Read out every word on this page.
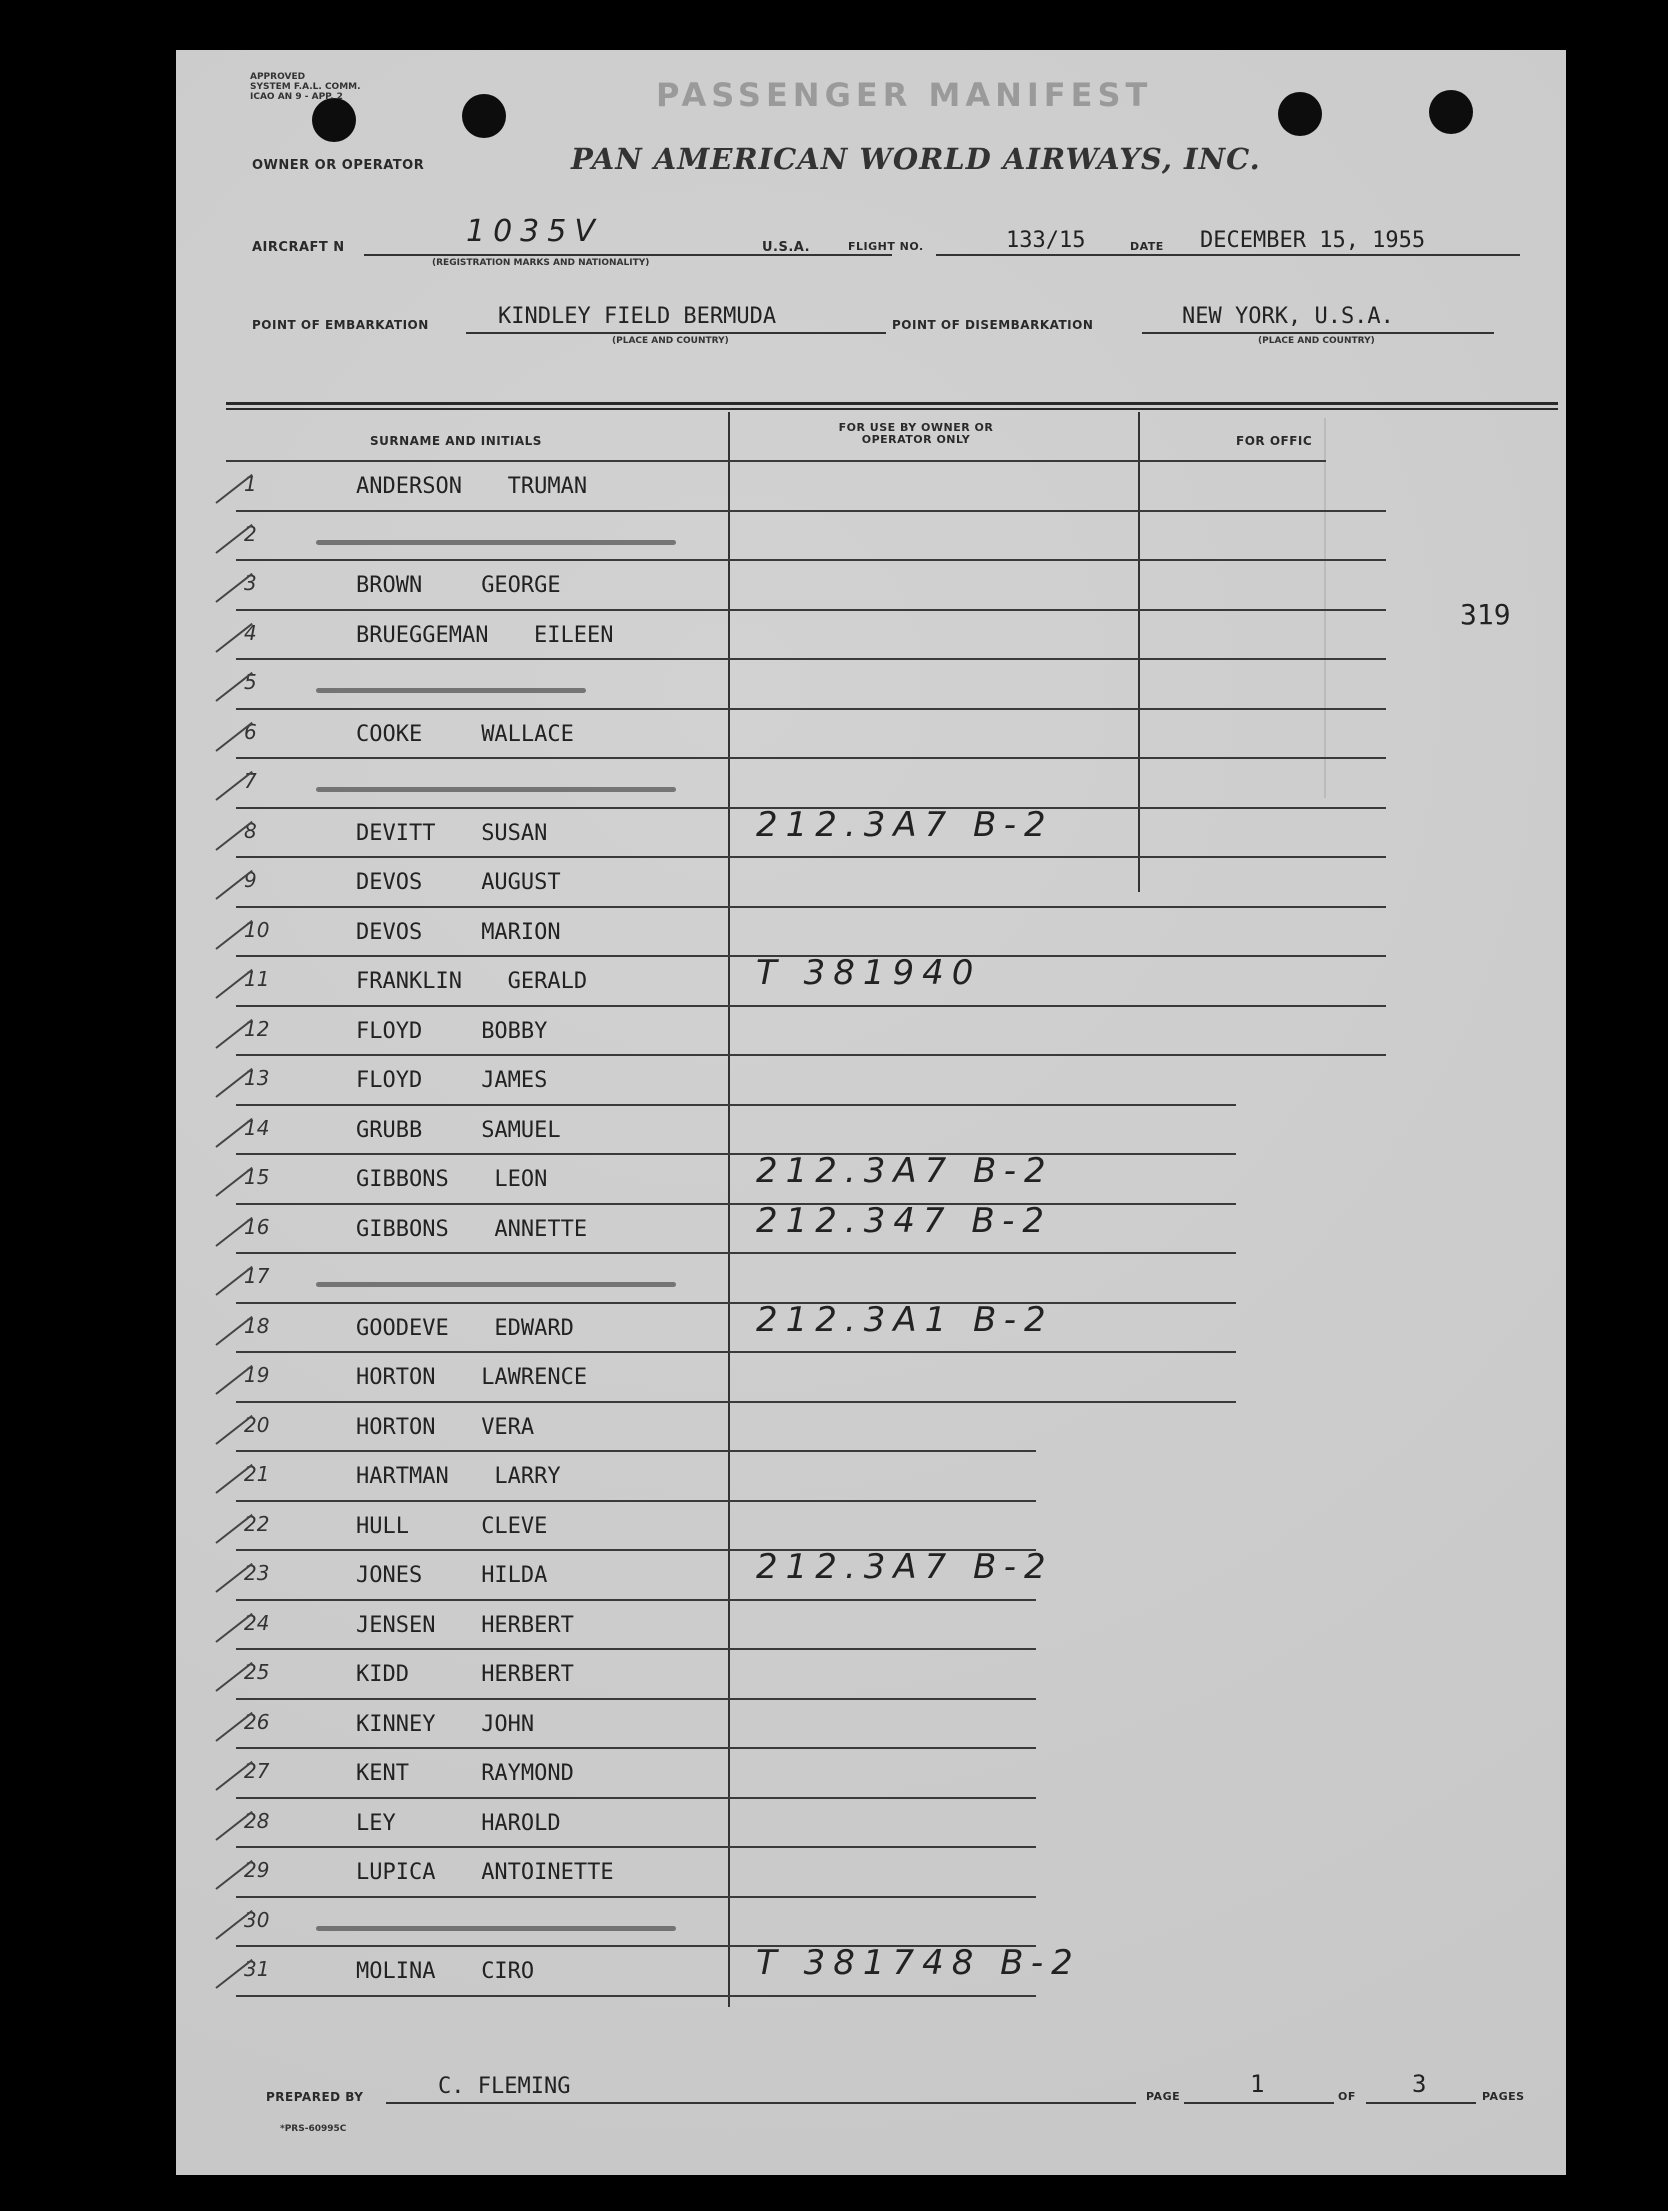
APPROVED
SYSTEM F.A.L. COMM.
ICAO AN 9 - APP. 2	PASSENGER MANIFEST
OWNER OR OPERATOR	PAN AMERICAN WORLD AIRWAYS, INC.
AIRCRAFT N	1035V
(REGISTRATION MARKS AND NATIONALITY)
U.S.A.	FLIGHT NO.	133/15	DATE DECEMBER 15, 1955
POINT OF EMBARKATION	KINDLEY FIELD BERMUDA
(PLACE AND COUNTRY)
POINT OF DISEMBARKATION	NEW YORK, U.S.A.
(PLACE AND COUNTRY)
SURNAME AND INITIALS
FOR USE BY OWNER OR OPERATOR ONLY	FOR OFFIC
319
1	ANDERSON TRUMAN
2
3	BROWN	GEORGE
4	BRUEGGEMAN EILEEN
5
6	COOKE	WALLACE
7
8	DEVITT SUSAN	212.3A7 B-2
9	DEVOS	AUGUST
10	DEVOS	MARION
11	FRANKLIN GERALD	T 381940
12	FLOYD	BOBBY
13	FLOYD	JAMES
14	GRUBB	SAMUEL
15	GIBBONS LEON	212.3A7 B-2
16	GIBBONS ANNETTE	212.347 B-2
17
18	GOODEVE EDWARD	212.3A1 B-2
19	HORTON LAWRENCE
20	HORTON VERA
21	HARTMAN LARRY
22	HULL	CLEVE
23	JONES	HILDA	212.3A7 B-2
24	JENSEN HERBERT
25	KIDD	HERBERT
26	KINNEY JOHN
27	KENT	RAYMOND
28	LEY	HAROLD
29	LUPICA ANTOINETTE
30
31	MOLINA CIRO	T 381748 B-2
PREPARED BY	C. FLEMING	PAGE	1	OF 3	PAGES
*PRS-60995C
